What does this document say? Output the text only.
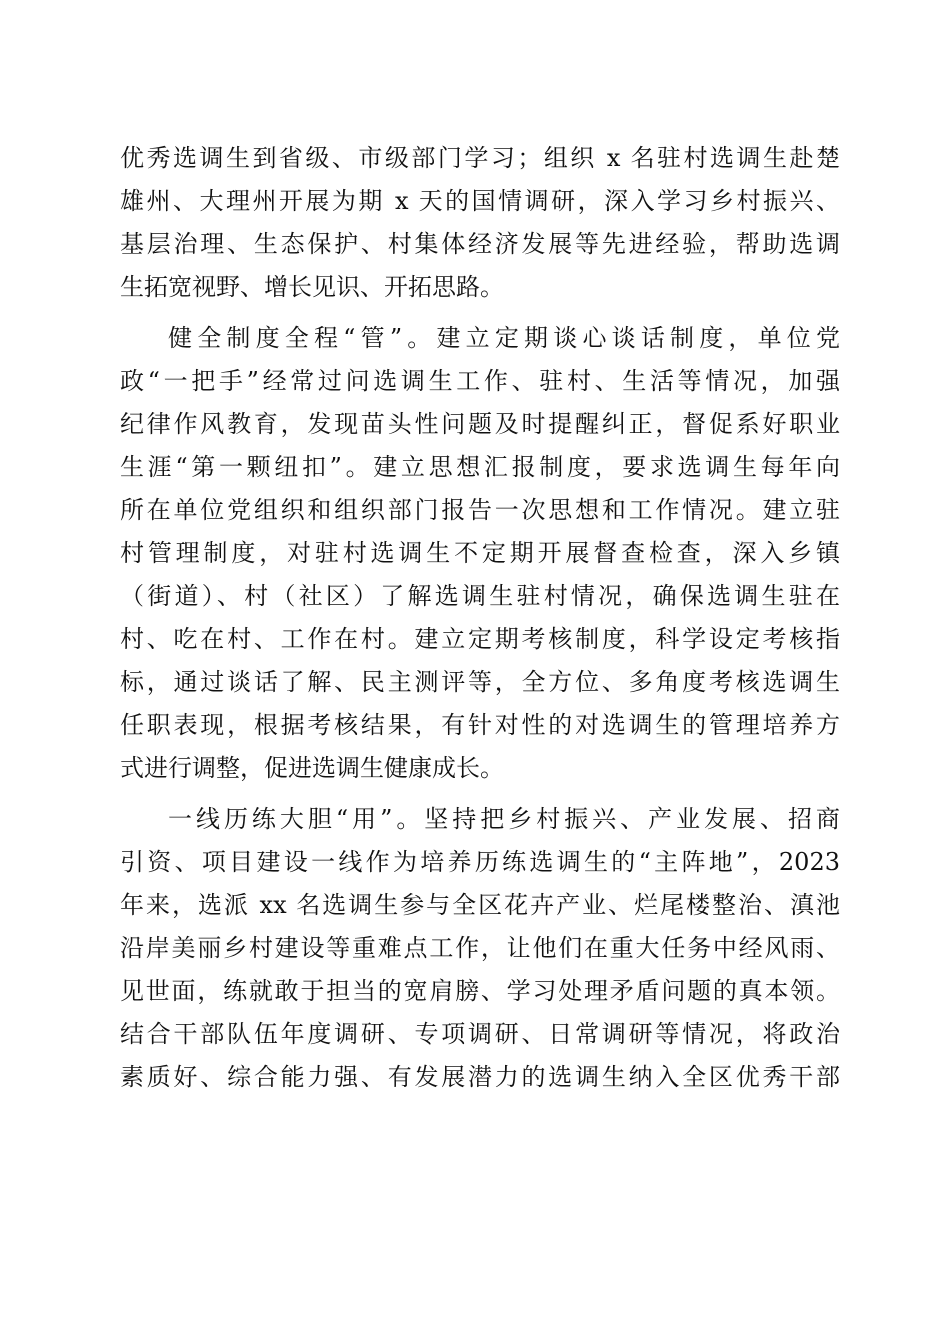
优秀选调生到省级、市级部门学习；组织 x 名驻村选调生赴楚

雄州、大理州开展为期 x 天的国情调研，深入学习乡村振兴、

基层治理、生态保护、村集体经济发展等先进经验，帮助选调

生拓宽视野、增长见识、开拓思路。

健全制度全程“管”。建立定期谈心谈话制度，单位党

政“一把手”经常过问选调生工作、驻村、生活等情况，加强

纪律作风教育，发现苗头性问题及时提醒纠正，督促系好职业

生涯“第一颗纽扣”。建立思想汇报制度，要求选调生每年向

所在单位党组织和组织部门报告一次思想和工作情况。建立驻

村管理制度，对驻村选调生不定期开展督查检查，深入乡镇

（街道）、村（社区）了解选调生驻村情况，确保选调生驻在

村、吃在村、工作在村。建立定期考核制度，科学设定考核指

标，通过谈话了解、民主测评等，全方位、多角度考核选调生

任职表现，根据考核结果，有针对性的对选调生的管理培养方

式进行调整，促进选调生健康成长。

一线历练大胆“用”。坚持把乡村振兴、产业发展、招商

引资、项目建设一线作为培养历练选调生的“主阵地”，2023

年来，选派 xx 名选调生参与全区花卉产业、烂尾楼整治、滇池

沿岸美丽乡村建设等重难点工作，让他们在重大任务中经风雨、

见世面，练就敢于担当的宽肩膀、学习处理矛盾问题的真本领。

结合干部队伍年度调研、专项调研、日常调研等情况，将政治

素质好、综合能力强、有发展潜力的选调生纳入全区优秀干部
